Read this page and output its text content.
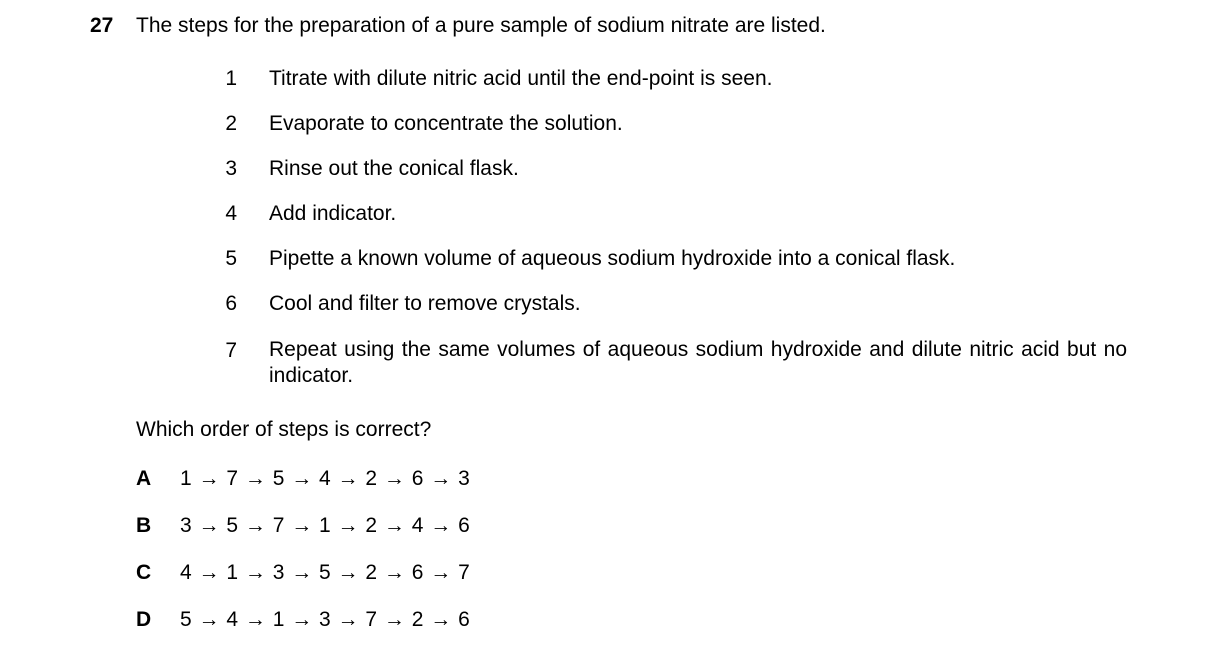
27 The steps for the preparation of a pure sample of sodium nitrate are listed.
1 Titrate with dilute nitric acid until the end-point is seen.
2 Evaporate to concentrate the solution.
3 Rinse out the conical flask.
4 Add indicator.
5 Pipette a known volume of aqueous sodium hydroxide into a conical flask.
6 Cool and filter to remove crystals.
7 Repeat using the same volumes of aqueous sodium hydroxide and dilute nitric acid but no indicator.
Which order of steps is correct?
A	1 → 7 → 5 → 4 → 2 → 6 → 3
B	3 → 5 → 7 → 1 → 2 → 4 → 6
C	4 → 1 → 3 → 5 → 2 → 6 → 7
D	5 → 4 → 1 → 3 → 7 → 2 → 6
